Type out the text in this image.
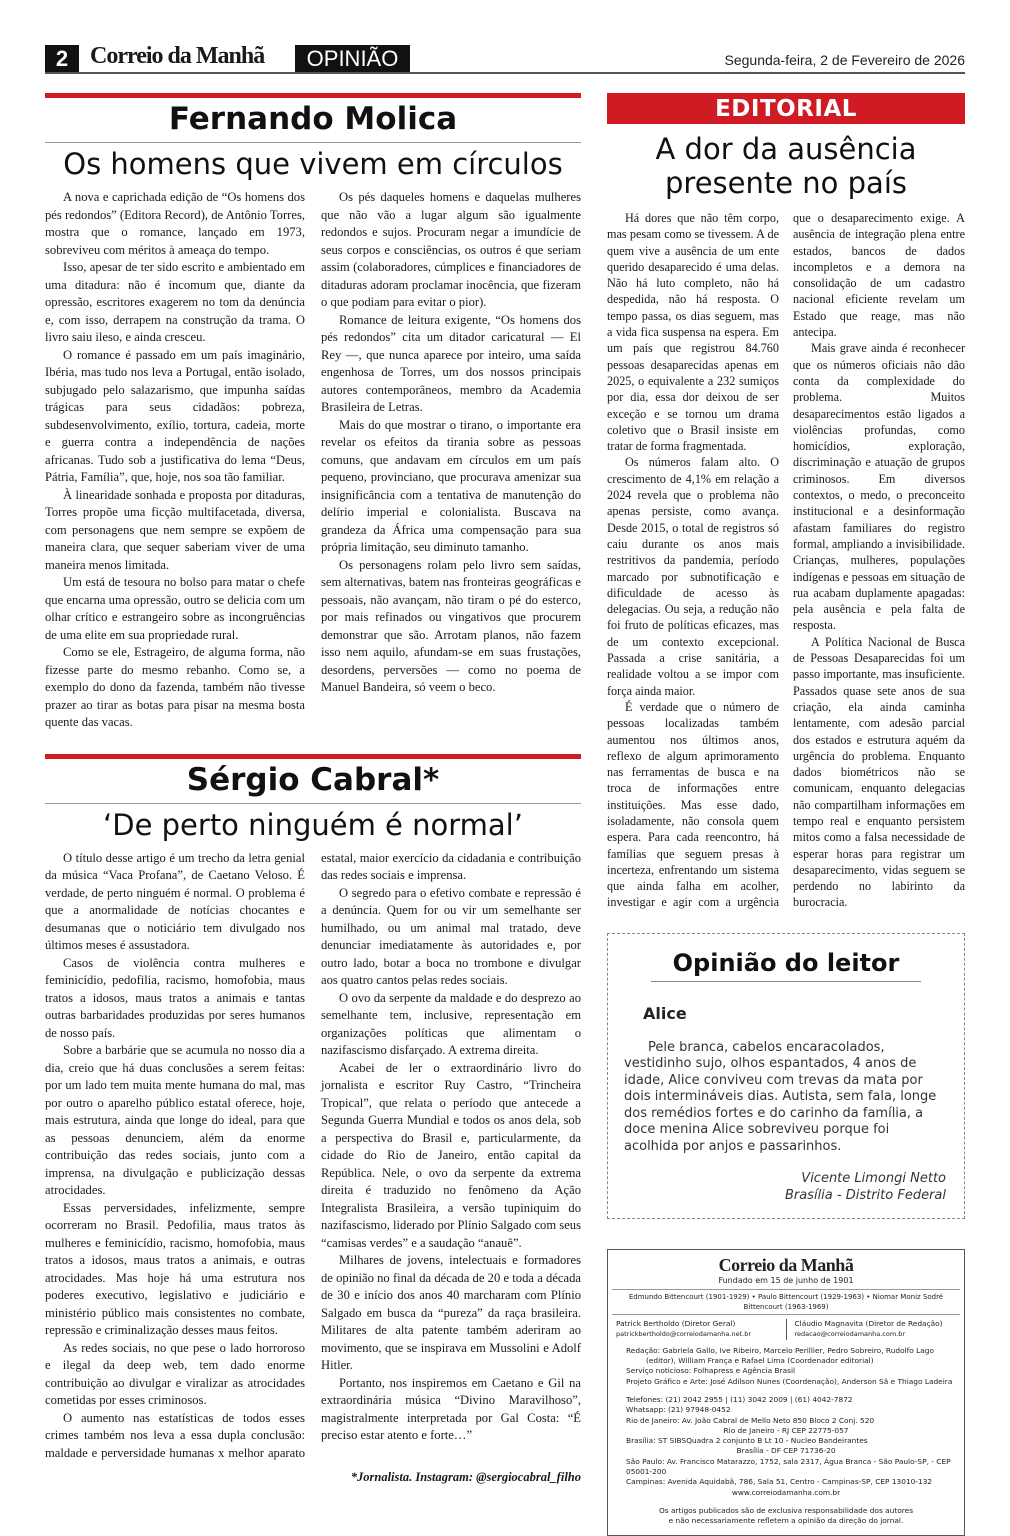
2 Correio da Manhã	OPINIÃO	Segunda-feira, 2 de Fevereiro de 2026
Fernando Molica
Os homens que vivem em círculos

A nova e caprichada edição de “Os homens dos pés redondos” (Editora Record), de Antônio Torres, mostra que o romance, lançado em 1973, sobreviveu com méritos à ameaça do tempo.

Isso, apesar de ter sido escrito e ambientado em uma ditadura: não é incomum que, diante da opressão, escritores exagerem no tom da denúncia e, com isso, derrapem na construção da trama. O livro saiu ileso, e ainda cresceu.

O romance é passado em um país imaginário, Ibéria, mas tudo nos leva a Portugal, então isolado, subjugado pelo salazarismo, que impunha saídas trágicas para seus cidadãos: pobreza, subdesenvolvimento, exílio, tortura, cadeia, morte e guerra contra a independência de nações africanas. Tudo sob a justificativa do lema “Deus, Pátria, Família”, que, hoje, nos soa tão familiar.

À linearidade sonhada e proposta por ditaduras, Torres propõe uma ficção multifacetada, diversa, com personagens que nem sempre se expõem de maneira clara, que sequer saberiam viver de uma maneira menos limitada.

Um está de tesoura no bolso para matar o chefe que encarna uma opressão, outro se delicia com um olhar crítico e estrangeiro sobre as incongruências de uma elite em sua propriedade rural.

Como se ele, Estrageiro, de alguma forma, não fizesse parte do mesmo rebanho. Como se, a exemplo do dono da fazenda, também não tivesse prazer ao tirar as botas para pisar na mesma bosta quente das vacas.

Os pés daqueles homens e daquelas mulheres que não vão a lugar algum são igualmente redondos e sujos. Procuram negar a imundície de seus corpos e consciências, os outros é que seriam assim (colaboradores, cúmplices e financiadores de ditaduras adoram proclamar inocência, que fizeram o que podiam para evitar o pior).

Romance de leitura exigente, “Os homens dos pés redondos” cita um ditador caricatural — El Rey —, que nunca aparece por inteiro, uma saída engenhosa de Torres, um dos nossos principais autores contemporâneos, membro da Academia Brasileira de Letras.

Mais do que mostrar o tirano, o importante era revelar os efeitos da tirania sobre as pessoas comuns, que andavam em círculos em um país pequeno, provinciano, que procurava amenizar sua insignificância com a tentativa de manutenção do delírio imperial e colonialista. Buscava na grandeza da África uma compensação para sua própria limitação, seu diminuto tamanho.

Os personagens rolam pelo livro sem saídas, sem alternativas, batem nas fronteiras geográficas e pessoais, não avançam, não tiram o pé do esterco, por mais refinados ou vingativos que procurem demonstrar que são. Arrotam planos, não fazem isso nem aquilo, afundam-se em suas frustações, desordens, perversões — como no poema de Manuel Bandeira, só veem o beco.

Sérgio Cabral*
‘De perto ninguém é normal’

O título desse artigo é um trecho da letra genial da música “Vaca Profana”, de Caetano Veloso. É verdade, de perto ninguém é normal. O problema é que a anormalidade de notícias chocantes e desumanas que o noticiário tem divulgado nos últimos meses é assustadora.

Casos de violência contra mulheres e feminicídio, pedofilia, racismo, homofobia, maus tratos a idosos, maus tratos a animais e tantas outras barbaridades produzidas por seres humanos de nosso país.

Sobre a barbárie que se acumula no nosso dia a dia, creio que há duas conclusões a serem feitas: por um lado tem muita mente humana do mal, mas por outro o aparelho público estatal oferece, hoje, mais estrutura, ainda que longe do ideal, para que as pessoas denunciem, além da enorme contribuição das redes sociais, junto com a imprensa, na divulgação e publicização dessas atrocidades.

Essas perversidades, infelizmente, sempre ocorreram no Brasil. Pedofilia, maus tratos às mulheres e feminicídio, racismo, homofobia, maus tratos a idosos, maus tratos a animais, e outras atrocidades. Mas hoje há uma estrutura nos poderes executivo, legislativo e judiciário e ministério público mais consistentes no combate, repressão e criminalização desses maus feitos.

As redes sociais, no que pese o lado horroroso e ilegal da deep web, tem dado enorme contribuição ao divulgar e viralizar as atrocidades cometidas por esses criminosos.

O aumento nas estatísticas de todos esses crimes também nos leva a essa dupla conclusão: maldade e perversidade humanas x melhor aparato estatal, maior exercício da cidadania e contribuição das redes sociais e imprensa.

O segredo para o efetivo combate e repressão é a denúncia. Quem for ou vir um semelhante ser humilhado, ou um animal mal tratado, deve denunciar imediatamente às autoridades e, por outro lado, botar a boca no trombone e divulgar aos quatro cantos pelas redes sociais.

O ovo da serpente da maldade e do desprezo ao semelhante tem, inclusive, representação em organizações políticas que alimentam o nazifascismo disfarçado. A extrema direita.

Acabei de ler o extraordinário livro do jornalista e escritor Ruy Castro, “Trincheira Tropical”, que relata o período que antecede a Segunda Guerra Mundial e todos os anos dela, sob a perspectiva do Brasil e, particularmente, da cidade do Rio de Janeiro, então capital da República. Nele, o ovo da serpente da extrema direita é traduzido no fenômeno da Ação Integralista Brasileira, a versão tupiniquim do nazifascismo, liderado por Plínio Salgado com seus “camisas verdes” e a saudação “anauê”.

Milhares de jovens, intelectuais e formadores de opinião no final da década de 20 e toda a década de 30 e início dos anos 40 marcharam com Plínio Salgado em busca da “pureza” da raça brasileira. Militares de alta patente também aderiram ao movimento, que se inspirava em Mussolini e Adolf Hitler.

Portanto, nos inspiremos em Caetano e Gil na extraordinária música “Divino Maravilhoso”, magistralmente interpretada por Gal Costa: “É preciso estar atento e forte…”

*Jornalista. Instagram: @sergiocabral_filho
EDITORIAL
A dor da ausência
presente no país

Há dores que não têm corpo, mas pesam como se tivessem. A de quem vive a ausência de um ente querido desaparecido é uma delas. Não há luto completo, não há despedida, não há resposta. O tempo passa, os dias seguem, mas a vida fica suspensa na espera. Em um país que registrou 84.760 pessoas desaparecidas apenas em 2025, o equivalente a 232 sumiços por dia, essa dor deixou de ser exceção e se tornou um drama coletivo que o Brasil insiste em tratar de forma fragmentada.

Os números falam alto. O crescimento de 4,1% em relação a 2024 revela que o problema não apenas persiste, como avança. Desde 2015, o total de registros só caiu durante os anos mais restritivos da pandemia, período marcado por subnotificação e dificuldade de acesso às delegacias. Ou seja, a redução não foi fruto de políticas eficazes, mas de um contexto excepcional. Passada a crise sanitária, a realidade voltou a se impor com força ainda maior.

É verdade que o número de pessoas localizadas também aumentou nos últimos anos, reflexo de algum aprimoramento nas ferramentas de busca e na troca de informações entre instituições. Mas esse dado, isoladamente, não consola quem espera. Para cada reencontro, há famílias que seguem presas à incerteza, enfrentando um sistema que ainda falha em acolher, investigar e agir com a urgência que o desaparecimento exige. A ausência de integração plena entre estados, bancos de dados incompletos e a demora na consolidação de um cadastro nacional eficiente revelam um Estado que reage, mas não antecipa.

Mais grave ainda é reconhecer que os números oficiais não dão conta da complexidade do problema. Muitos desaparecimentos estão ligados a violências profundas, como homicídios, exploração, discriminação e atuação de grupos criminosos. Em diversos contextos, o medo, o preconceito institucional e a desinformação afastam familiares do registro formal, ampliando a invisibilidade. Crianças, mulheres, populações indígenas e pessoas em situação de rua acabam duplamente apagadas: pela ausência e pela falta de resposta.

A Política Nacional de Busca de Pessoas Desaparecidas foi um passo importante, mas insuficiente. Passados quase sete anos de sua criação, ela ainda caminha lentamente, com adesão parcial dos estados e estrutura aquém da urgência do problema. Enquanto dados biométricos não se comunicam, enquanto delegacias não compartilham informações em tempo real e enquanto persistem mitos como a falsa necessidade de esperar horas para registrar um desaparecimento, vidas seguem se perdendo no labirinto da burocracia.

Opinião do leitor
Alice
Pele branca, cabelos encaracolados, vestidinho sujo, olhos espantados, 4 anos de idade, Alice conviveu com trevas da mata por dois intermináveis dias. Autista, sem fala, longe dos remédios fortes e do carinho da família, a doce menina Alice sobreviveu porque foi acolhida por anjos e passarinhos.
Vicente Limongi Netto
Brasília - Distrito Federal
Correio da Manhã
Fundado em 15 de junho de 1901
Edmundo Bittencourt (1901-1929) • Paulo Bittencourt (1929-1963) • Niomar Moniz Sodré Bittencourt (1963-1969)
Patrick Bertholdo (Diretor Geral)
patrickbertholdo@correiodamanha.net.br
Cláudio Magnavita (Diretor de Redação)
redacao@correiodamanha.com.br
Redação: Gabriela Gallo, Ive Ribeiro, Marcelo Perillier, Pedro Sobreiro, Rudolfo Lago
(editor), William França e Rafael Lima (Coordenador editorial)
Serviço noticioso: Folhapress e Agência Brasil
Projeto Gráfico e Arte: José Adilson Nunes (Coordenação), Anderson Sã e Thiago Ladeira
Telefones: (21) 2042 2955 | (11) 3042 2009 | (61) 4042-7872
Whatsapp: (21) 97948-0452
Rio de Janeiro: Av. João Cabral de Mello Neto 850 Bloco 2 Conj. 520
Rio de Janeiro - RJ CEP 22775-057
Brasília: ST SIBSQuadra 2 conjunto B Lt 10 - Nucleo Bandeirantes
Brasília - DF CEP 71736-20
São Paulo: Av. Francisco Matarazzo, 1752, sala 2317, Água Branca - São Paulo-SP, - CEP 05001-200
Campinas: Avenida Aquidabã, 786, Sala 51, Centro - Campinas-SP, CEP 13010-132
www.correiodamanha.com.br
Os artigos publicados são de exclusiva responsabilidade dos autores
e não necessariamente refletem a opinião da direção do jornal.
